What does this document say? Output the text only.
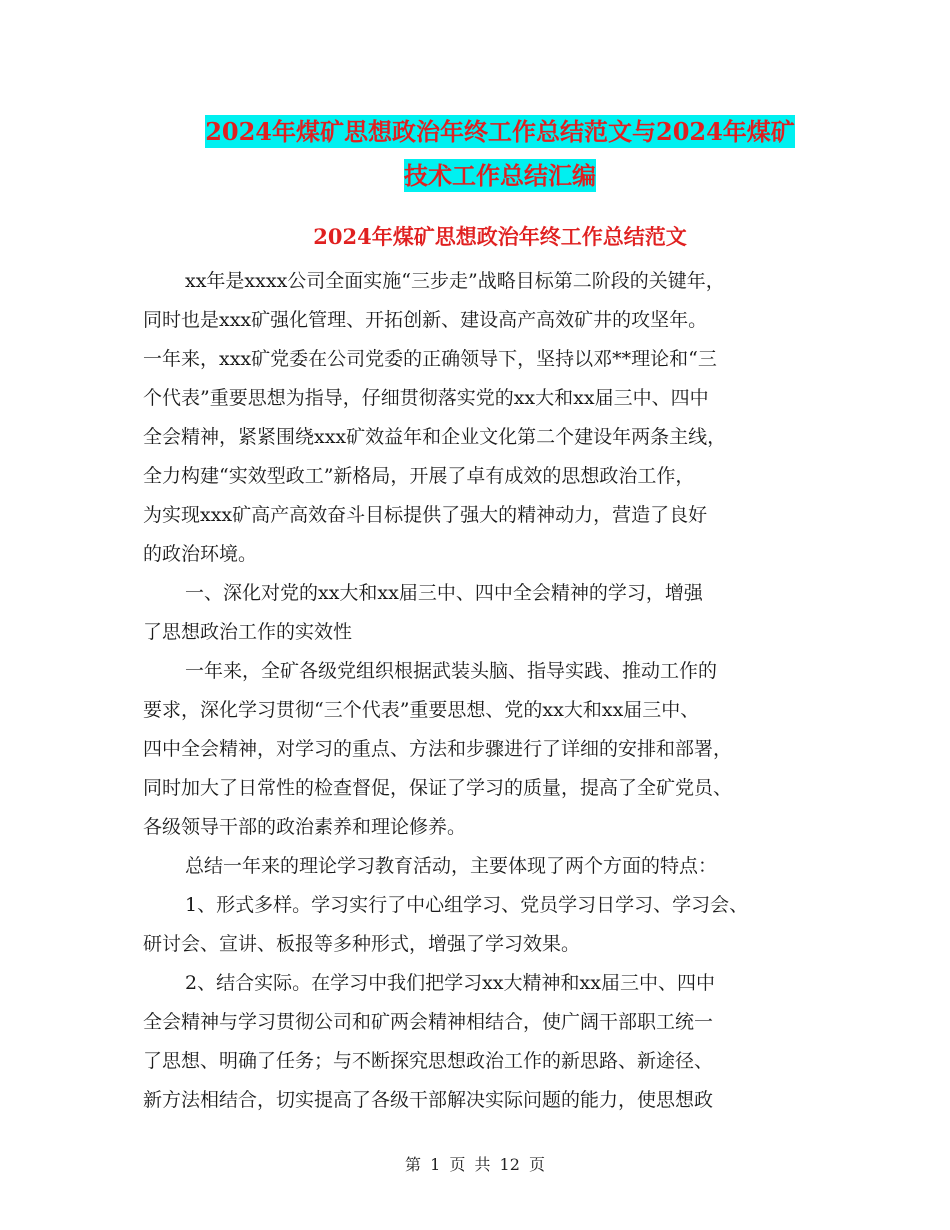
2024年煤矿思想政治年终工作总结范文与2024年煤矿
技术工作总结汇编
2024年煤矿思想政治年终工作总结范文
xx年是xxxx公司全面实施“三步走”战略目标第二阶段的关键年，
同时也是xxx矿强化管理、开拓创新、建设高产高效矿井的攻坚年。
一年来，xxx矿党委在公司党委的正确领导下，坚持以邓**理论和“三
个代表”重要思想为指导，仔细贯彻落实党的xx大和xx届三中、四中
全会精神，紧紧围绕xxx矿效益年和企业文化第二个建设年两条主线，
全力构建“实效型政工”新格局，开展了卓有成效的思想政治工作，
为实现xxx矿高产高效奋斗目标提供了强大的精神动力，营造了良好
的政治环境。
一、深化对党的xx大和xx届三中、四中全会精神的学习，增强
了思想政治工作的实效性
一年来，全矿各级党组织根据武装头脑、指导实践、推动工作的
要求，深化学习贯彻“三个代表”重要思想、党的xx大和xx届三中、
四中全会精神，对学习的重点、方法和步骤进行了详细的安排和部署，
同时加大了日常性的检查督促，保证了学习的质量，提高了全矿党员、
各级领导干部的政治素养和理论修养。
总结一年来的理论学习教育活动，主要体现了两个方面的特点：
1、形式多样。学习实行了中心组学习、党员学习日学习、学习会、
研讨会、宣讲、板报等多种形式，增强了学习效果。
2、结合实际。在学习中我们把学习xx大精神和xx届三中、四中
全会精神与学习贯彻公司和矿两会精神相结合，使广阔干部职工统一
了思想、明确了任务；与不断探究思想政治工作的新思路、新途径、
新方法相结合，切实提高了各级干部解决实际问题的能力，使思想政
第 1 页 共 12 页
